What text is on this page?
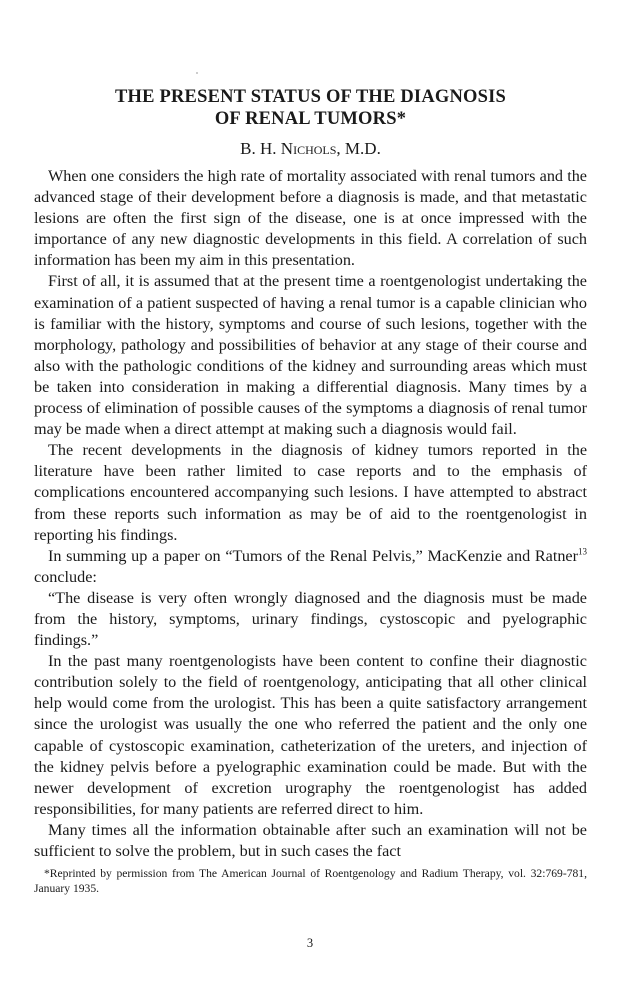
THE PRESENT STATUS OF THE DIAGNOSIS
OF RENAL TUMORS*
B. H. Nichols, M.D.

When one considers the high rate of mortality associated with renal tumors and the advanced stage of their development before a diagnosis is made, and that metastatic lesions are often the first sign of the disease, one is at once impressed with the importance of any new diagnostic developments in this field. A correlation of such information has been my aim in this presentation.

First of all, it is assumed that at the present time a roentgenologist undertaking the examination of a patient suspected of having a renal tumor is a capable clinician who is familiar with the history, symptoms and course of such lesions, together with the morphology, pathology and possibilities of behavior at any stage of their course and also with the pathologic conditions of the kidney and surrounding areas which must be taken into consideration in making a differential diagnosis. Many times by a process of elimination of possible causes of the symptoms a diagnosis of renal tumor may be made when a direct attempt at making such a diagnosis would fail.

The recent developments in the diagnosis of kidney tumors reported in the literature have been rather limited to case reports and to the emphasis of complications encountered accompanying such lesions. I have attempted to abstract from these reports such information as may be of aid to the roentgenologist in reporting his findings.

In summing up a paper on “Tumors of the Renal Pelvis,” MacKenzie and Ratner$^{13}$ conclude:

“The disease is very often wrongly diagnosed and the diagnosis must be made from the history, symptoms, urinary findings, cystoscopic and pyelographic findings.”

In the past many roentgenologists have been content to confine their diagnostic contribution solely to the field of roentgenology, anticipating that all other clinical help would come from the urologist. This has been a quite satisfactory arrangement since the urologist was usually the one who referred the patient and the only one capable of cystoscopic examination, catheterization of the ureters, and injection of the kidney pelvis before a pyelographic examination could be made. But with the newer development of excretion urography the roentgenologist has added responsibilities, for many patients are referred direct to him.

Many times all the information obtainable after such an examination will not be sufficient to solve the problem, but in such cases the fact

*Reprinted by permission from The American Journal of Roentgenology and Radium Therapy, vol. 32:769-781, January 1935.
3
